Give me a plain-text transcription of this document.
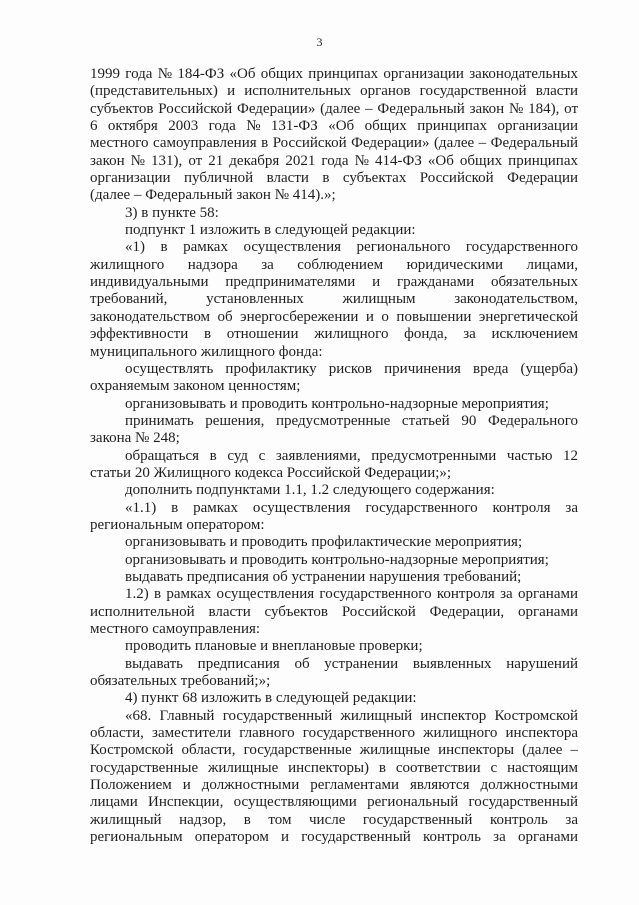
3
1999 года № 184-ФЗ «Об общих принципах организации законодательных
(представительных) и исполнительных органов государственной власти
субъектов Российской Федерации» (далее – Федеральный закон № 184), от
6 октября 2003 года № 131-ФЗ «Об общих принципах организации
местного самоуправления в Российской Федерации» (далее – Федеральный
закон № 131), от 21 декабря 2021 года № 414-ФЗ «Об общих принципах
организации публичной власти в субъектах Российской Федерации
(далее – Федеральный закон № 414).»;
3) в пункте 58:
подпункт 1 изложить в следующей редакции:
«1) в рамках осуществления регионального государственного
жилищного надзора за соблюдением юридическими лицами,
индивидуальными предпринимателями и гражданами обязательных
требований, установленных жилищным законодательством,
законодательством об энергосбережении и о повышении энергетической
эффективности в отношении жилищного фонда, за исключением
муниципального жилищного фонда:
осуществлять профилактику рисков причинения вреда (ущерба)
охраняемым законом ценностям;
организовывать и проводить контрольно-надзорные мероприятия;
принимать решения, предусмотренные статьей 90 Федерального
закона № 248;
обращаться в суд с заявлениями, предусмотренными частью 12
статьи 20 Жилищного кодекса Российской Федерации;»;
дополнить подпунктами 1.1, 1.2 следующего содержания:
«1.1) в рамках осуществления государственного контроля за
региональным оператором:
организовывать и проводить профилактические мероприятия;
организовывать и проводить контрольно-надзорные мероприятия;
выдавать предписания об устранении нарушения требований;
1.2) в рамках осуществления государственного контроля за органами
исполнительной власти субъектов Российской Федерации, органами
местного самоуправления:
проводить плановые и внеплановые проверки;
выдавать предписания об устранении выявленных нарушений
обязательных требований;»;
4) пункт 68 изложить в следующей редакции:
«68. Главный государственный жилищный инспектор Костромской
области, заместители главного государственного жилищного инспектора
Костромской области, государственные жилищные инспекторы (далее –
государственные жилищные инспекторы) в соответствии с настоящим
Положением и должностными регламентами являются должностными
лицами Инспекции, осуществляющими региональный государственный
жилищный надзор, в том числе государственный контроль за
региональным оператором и государственный контроль за органами
